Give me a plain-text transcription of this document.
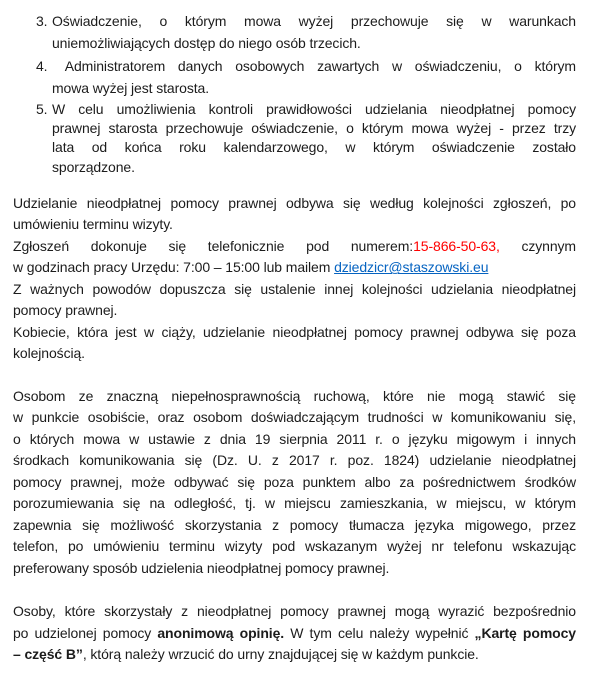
3. Oświadczenie, o którym mowa wyżej przechowuje się w warunkach
uniemożliwiających dostęp do niego osób trzecich.
4. Administratorem danych osobowych zawartych w oświadczeniu, o którym
mowa wyżej jest starosta.
5. W celu umożliwienia kontroli prawidłowości udzielania nieodpłatnej pomocy
prawnej starosta przechowuje oświadczenie, o którym mowa wyżej - przez trzy
lata od końca roku kalendarzowego, w którym oświadczenie zostało
sporządzone.
Udzielanie nieodpłatnej pomocy prawnej odbywa się według kolejności zgłoszeń, po
umówieniu terminu wizyty.
Zgłoszeń dokonuje się telefonicznie pod numerem:15-866-50-63, czynnym
w godzinach pracy Urzędu: 7:00 – 15:00 lub mailem dziedzicr@staszowski.eu
Z ważnych powodów dopuszcza się ustalenie innej kolejności udzielania nieodpłatnej
pomocy prawnej.
Kobiecie, która jest w ciąży, udzielanie nieodpłatnej pomocy prawnej odbywa się poza
kolejnością.
Osobom ze znaczną niepełnosprawnością ruchową, które nie mogą stawić się
w punkcie osobiście, oraz osobom doświadczającym trudności w komunikowaniu się,
o których mowa w ustawie z dnia 19 sierpnia 2011 r. o języku migowym i innych
środkach komunikowania się (Dz. U. z 2017 r. poz. 1824) udzielanie nieodpłatnej
pomocy prawnej, może odbywać się poza punktem albo za pośrednictwem środków
porozumiewania się na odległość, tj. w miejscu zamieszkania, w miejscu, w którym
zapewnia się możliwość skorzystania z pomocy tłumacza języka migowego, przez
telefon, po umówieniu terminu wizyty pod wskazanym wyżej nr telefonu wskazując
preferowany sposób udzielenia nieodpłatnej pomocy prawnej.
Osoby, które skorzystały z nieodpłatnej pomocy prawnej mogą wyrazić bezpośrednio
po udzielonej pomocy anonimową opinię. W tym celu należy wypełnić „Kartę pomocy
– część B”, którą należy wrzucić do urny znajdującej się w każdym punkcie.
